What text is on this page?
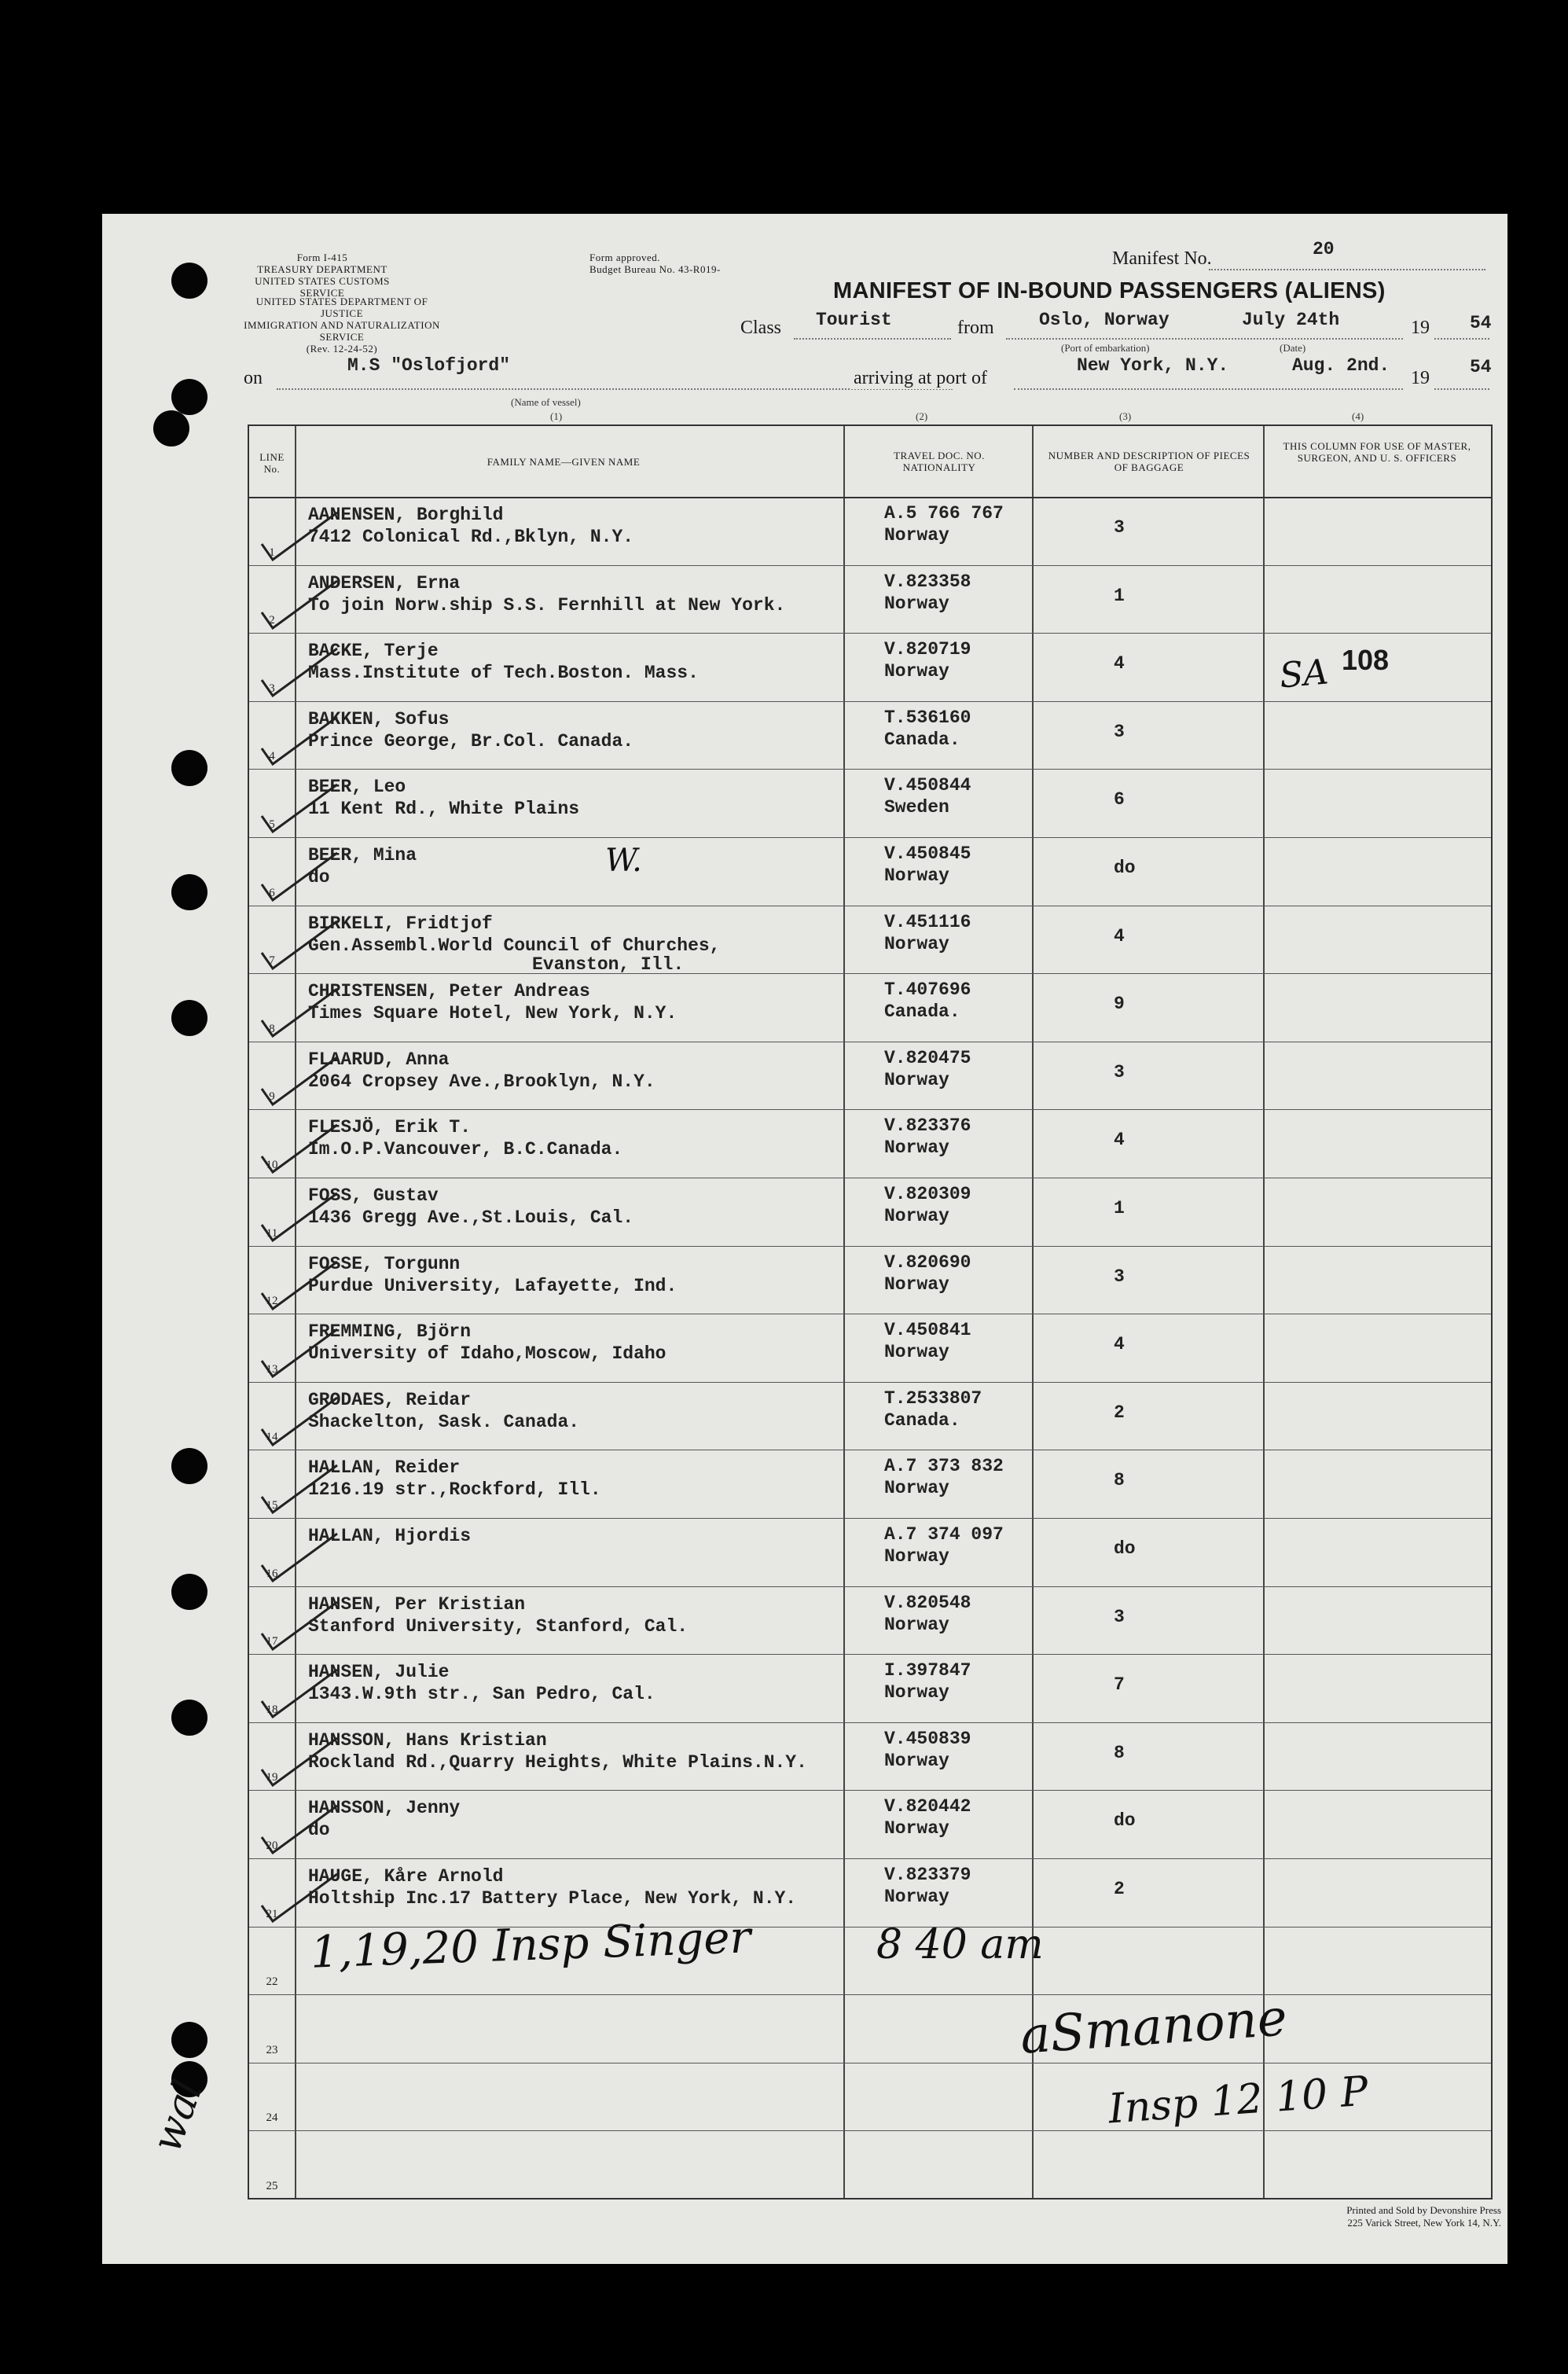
Form I-415
TREASURY DEPARTMENT
UNITED STATES CUSTOMS SERVICE
UNITED STATES DEPARTMENT OF JUSTICE
IMMIGRATION AND NATURALIZATION SERVICE
(Rev. 12-24-52)
Form approved.
Budget Bureau No. 43-R019-
Manifest No.	20
MANIFEST OF IN-BOUND PASSENGERS (ALIENS)
Class Tourist	from Oslo, Norway	July 24th	19 54
(Port of embarkation)	(Date)
on
M.S "Oslofjord"
(Name of vessel)
arriving at port of
New York, N.Y.	Aug. 2nd.
19
54
(1)	(2)	(3)	(4)
LINE No.
FAMILY NAME—GIVEN NAME
TRAVEL DOC. NO.
NATIONALITY
NUMBER AND DESCRIPTION OF PIECES OF BAGGAGE
THIS COLUMN FOR USE OF MASTER, SURGEON, AND U. S. OFFICERS
1
AANENSEN, Borghild
7412 Colonical Rd.,Bklyn, N.Y.
A.5 766 767
Norway	3
2
ANDERSEN, Erna
To join Norw.ship S.S. Fernhill at New York.
V.823358
Norway	1
3
BACKE, Terje
Mass.Institute of Tech.Boston. Mass.
V.820719
Norway	4	108
4
BAKKEN, Sofus
Prince George, Br.Col. Canada.
T.536160
Canada.	3
5
BEER, Leo
11 Kent Rd., White Plains
V.450844
Sweden	6
6
BEER, Mina
do
V.450845
Norway	do
7
BIRKELI, Fridtjof
Gen.Assembl.World Council of Churches,
Evanston, Ill.
V.451116
Norway	4
8
CHRISTENSEN, Peter Andreas
Times Square Hotel, New York, N.Y.
T.407696
Canada.	9
9
FLAARUD, Anna
2064 Cropsey Ave.,Brooklyn, N.Y.
V.820475
Norway	3
10
FLESJÖ, Erik T.
Im.O.P.Vancouver, B.C.Canada.
V.823376
Norway	4
11
FOSS, Gustav
1436 Gregg Ave.,St.Louis, Cal.
V.820309
Norway	1
12
FOSSE, Torgunn
Purdue University, Lafayette, Ind.
V.820690
Norway	3
13
FREMMING, Björn
University of Idaho,Moscow, Idaho
V.450841
Norway	4
14
GRODAES, Reidar
Shackelton, Sask. Canada.
T.2533807
Canada.	2
15
HALLAN, Reider
1216.19 str.,Rockford, Ill.
A.7 373 832
Norway	8
16
HALLAN, Hjordis	A.7 374 097
Norway	do
17
HANSEN, Per Kristian
Stanford University, Stanford, Cal.
V.820548
Norway	3
18
HANSEN, Julie
1343.W.9th str., San Pedro, Cal.
I.397847
Norway	7
19
HANSSON, Hans Kristian
Rockland Rd.,Quarry Heights, White Plains.N.Y.
V.450839
Norway	8
20
HANSSON, Jenny
do
V.820442
Norway	do
21
HAUGE, Kåre Arnold
Holtship Inc.17 Battery Place, New York, N.Y.
V.823379
Norway	2
22
23
24
25
SA
W.
1,19,20 Insp Singer	8 40 am
aSmanone
Insp 12 10 P
wal
Printed and Sold by Devonshire Press
225 Varick Street, New York 14, N.Y.
